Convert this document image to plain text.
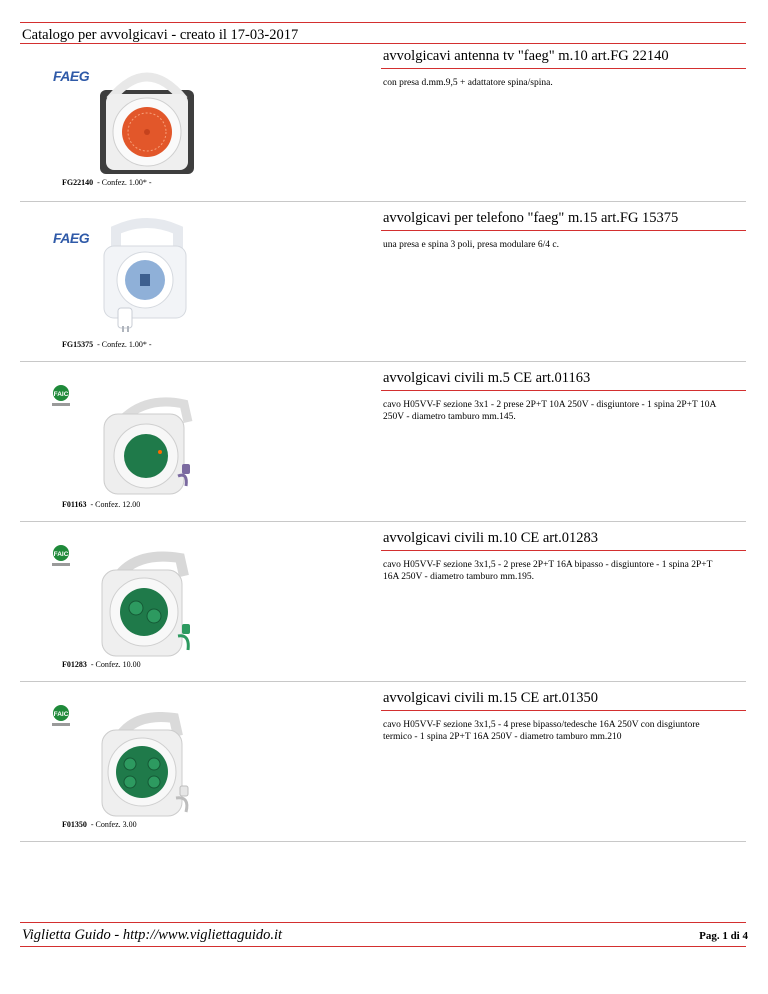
Catalogo per avvolgicavi - creato il 17-03-2017
avvolgicavi antenna tv "faeg" m.10 art.FG 22140
con presa d.mm.9,5 + adattatore spina/spina.
FAEG
FG22140 - Confez. 1.00* -
avvolgicavi per telefono "faeg" m.15 art.FG 15375
una presa e spina 3 poli, presa modulare 6/4 c.
FAEG
FG15375 - Confez. 1.00* -
avvolgicavi civili m.5 CE art.01163
cavo H05VV-F sezione 3x1 - 2 prese 2P+T 10A 250V - disgiuntore - 1 spina 2P+T 10A 250V - diametro tamburo mm.145.
FAIC
F01163 - Confez. 12.00
avvolgicavi civili m.10 CE art.01283
cavo H05VV-F sezione 3x1,5 - 2 prese 2P+T 16A bipasso - disgiuntore - 1 spina 2P+T 16A 250V - diametro tamburo mm.195.
FAIC
F01283 - Confez. 10.00
avvolgicavi civili m.15 CE art.01350
cavo H05VV-F sezione 3x1,5 - 4 prese bipasso/tedesche 16A 250V con disgiuntore termico - 1 spina 2P+T 16A 250V - diametro tamburo mm.210
FAIC
F01350 - Confez. 3.00
Viglietta Guido - http://www.vigliettaguido.it	Pag. 1 di 4
